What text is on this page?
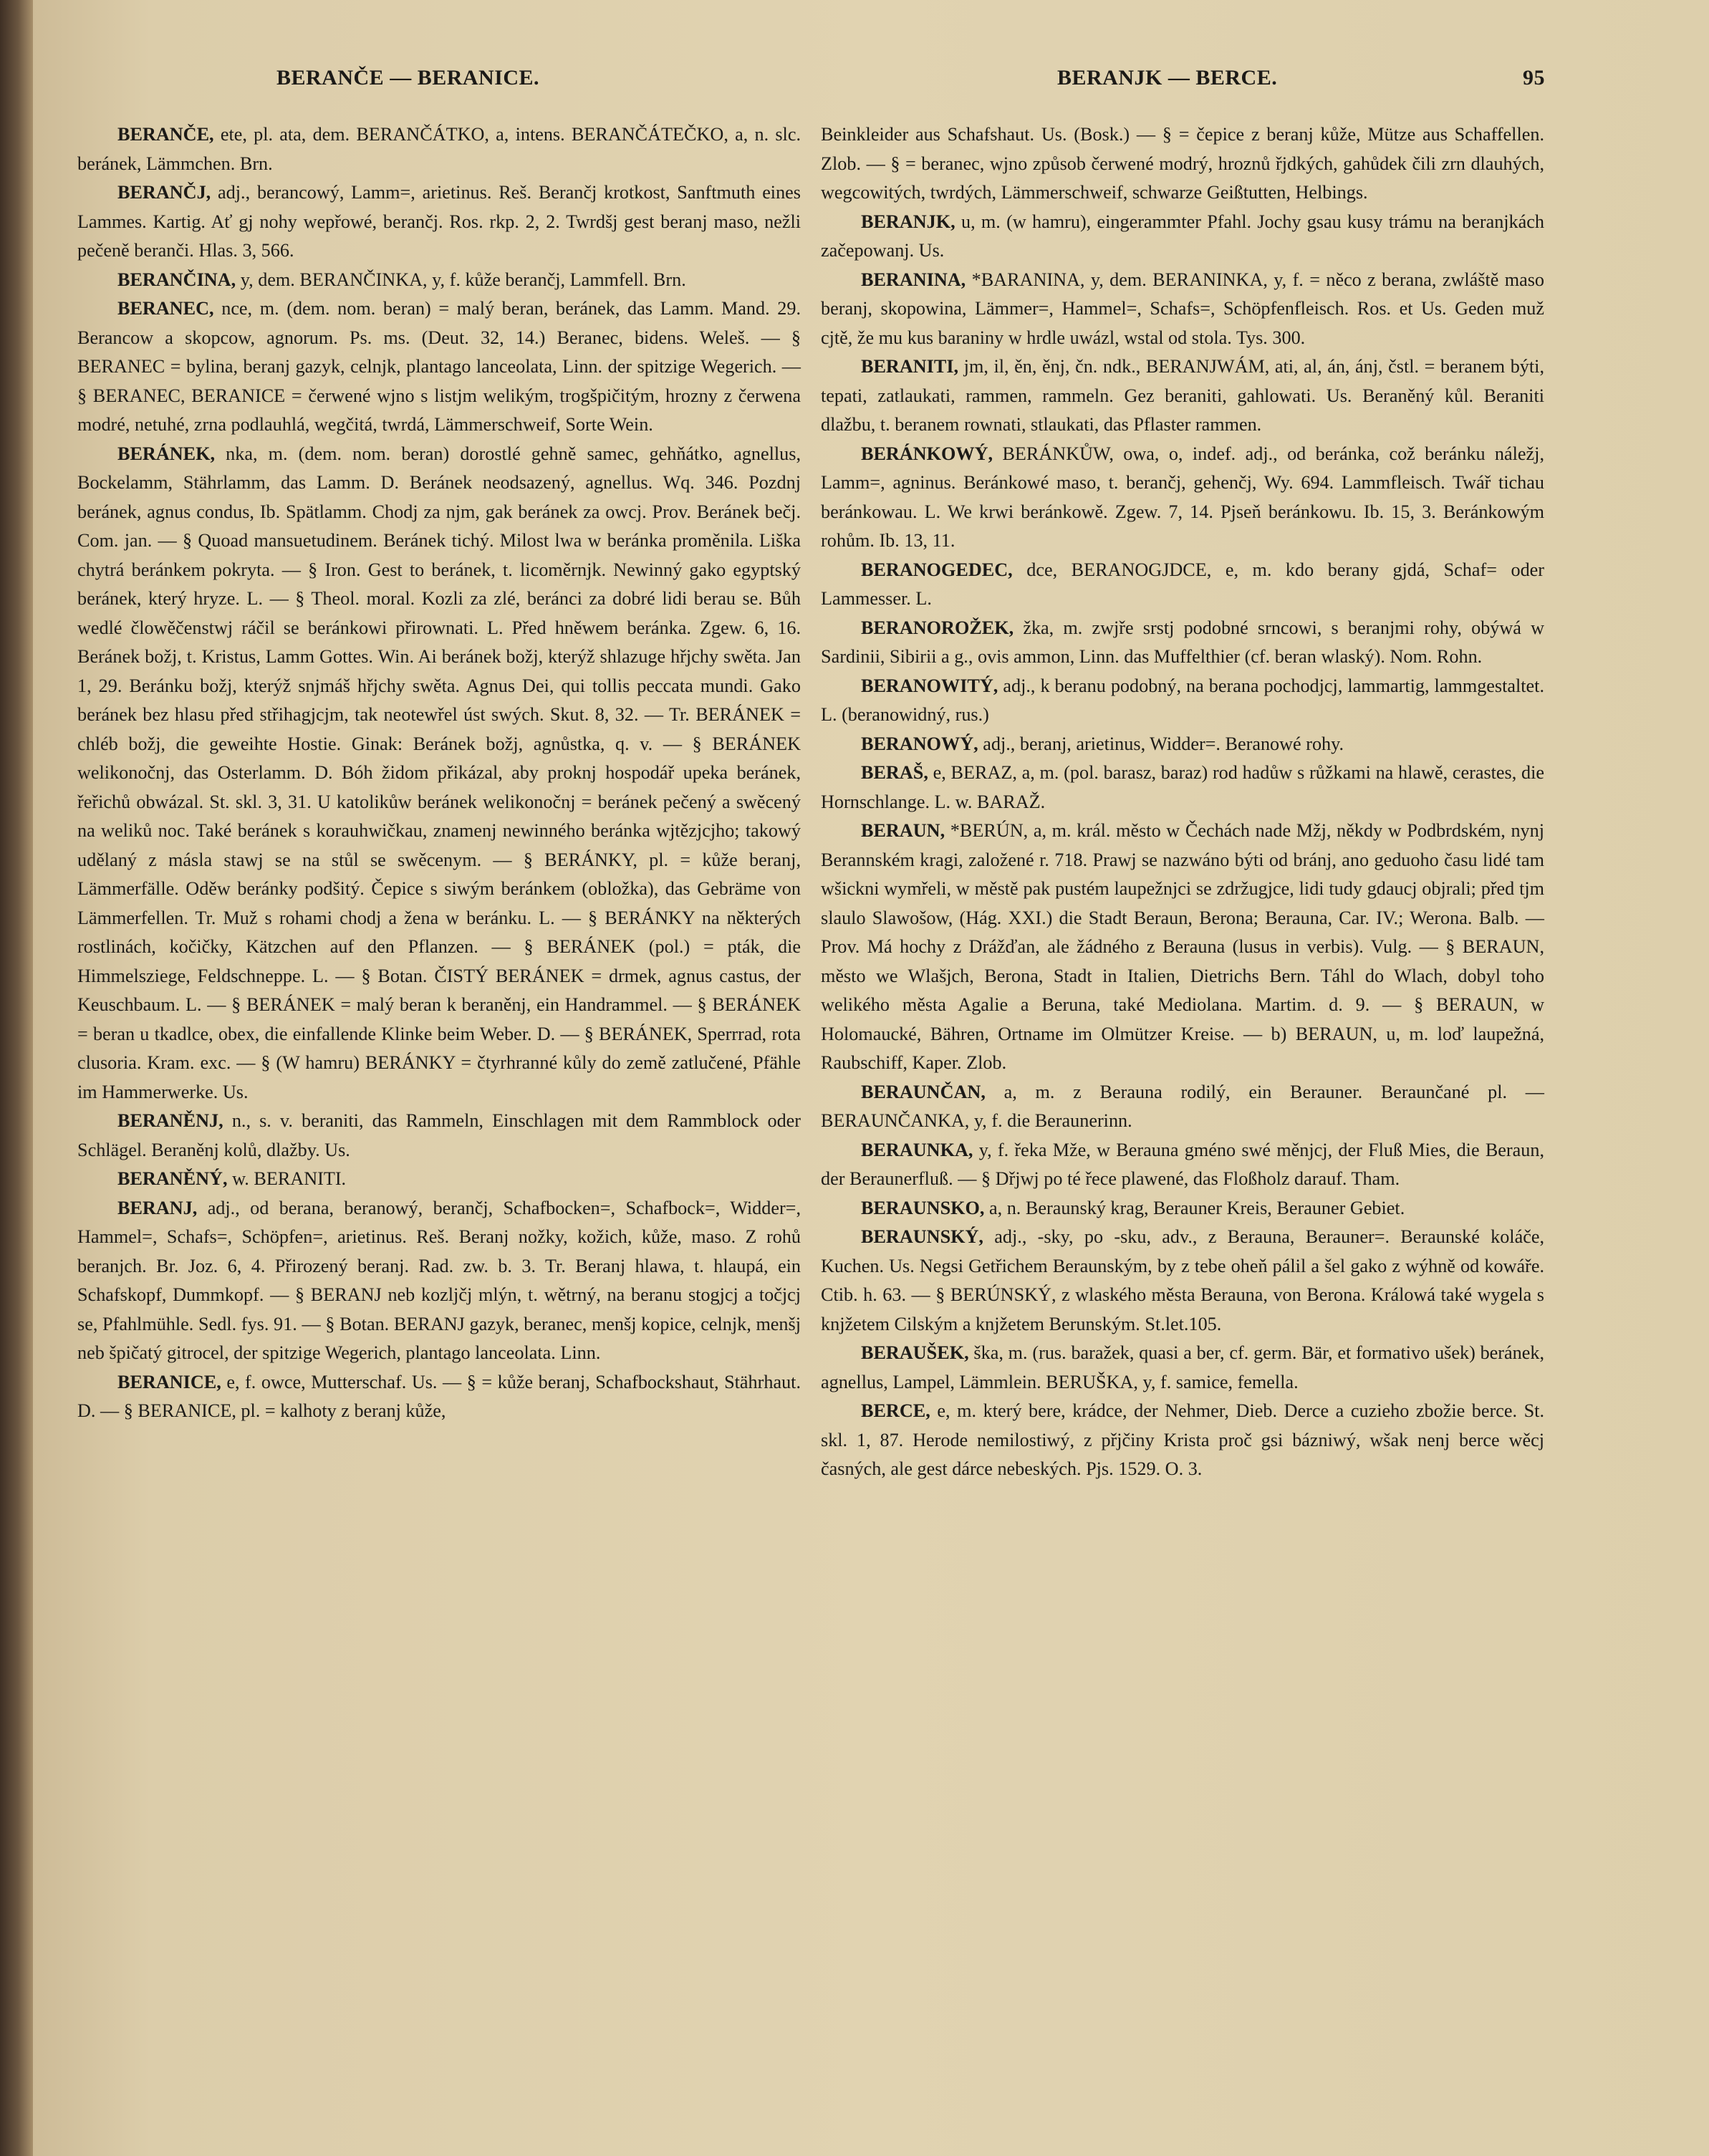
BERANČE — BERANICE.	BERANJK — BERCE.	95

BERANČE, ete, pl. ata, dem. BERANČÁTKO, a, intens. BERANČÁTEČKO, a, n. slc. beránek, Lämmchen. Brn.

BERANČJ, adj., berancowý, Lamm=, arietinus. Reš. Berančj krotkost, Sanftmuth eines Lammes. Kartig. Ať gj nohy wepřowé, berančj. Ros. rkp. 2, 2. Twrdšj gest beranj maso, nežli pečeně beranči. Hlas. 3, 566.

BERANČINA, y, dem. BERANČINKA, y, f. kůže berančj, Lammfell. Brn.

BERANEC, nce, m. (dem. nom. beran) = malý beran, beránek, das Lamm. Mand. 29. Berancow a skopcow, agnorum. Ps. ms. (Deut. 32, 14.) Beranec, bidens. Weleš. — § BERANEC = bylina, beranj gazyk, celnjk, plantago lanceolata, Linn. der spitzige Wegerich. — § BERANEC, BERANICE = čerwené wjno s listjm welikým, trogšpičitým, hrozny z čerwena modré, netuhé, zrna podlauhlá, wegčitá, twrdá, Lämmerschweif, Sorte Wein.

BERÁNEK, nka, m. (dem. nom. beran) dorostlé gehně samec, gehňátko, agnellus, Bockelamm, Stährlamm, das Lamm. D. Beránek neodsazený, agnellus. Wq. 346. Pozdnj beránek, agnus condus, Ib. Spätlamm. Chodj za njm, gak beránek za owcj. Prov. Beránek bečj. Com. jan. — § Quoad mansuetudinem. Beránek tichý. Milost lwa w beránka proměnila. Liška chytrá beránkem pokryta. — § Iron. Gest to beránek, t. licoměrnjk. Newinný gako egyptský beránek, který hryze. L. — § Theol. moral. Kozli za zlé, beránci za dobré lidi berau se. Bůh wedlé člowěčenstwj ráčil se beránkowi přirownati. L. Před hněwem beránka. Zgew. 6, 16. Beránek božj, t. Kristus, Lamm Gottes. Win. Ai beránek božj, kterýž shlazuge hřjchy swěta. Jan 1, 29. Beránku božj, kterýž snjmáš hřjchy swěta. Agnus Dei, qui tollis peccata mundi. Gako beránek bez hlasu před střihagjcjm, tak neotewřel úst swých. Skut. 8, 32. — Tr. BERÁNEK = chléb božj, die geweihte Hostie. Ginak: Beránek božj, agnůstka, q. v. — § BERÁNEK welikonočnj, das Osterlamm. D. Bóh židom přikázal, aby proknj hospodář upeka beránek, řeřichů obwázal. St. skl. 3, 31. U katolikůw beránek welikonočnj = beránek pečený a swěcený na weliků noc. Také beránek s korauhwičkau, znamenj newinného beránka wjtězjcjho; takowý udělaný z másla stawj se na stůl se swěcenym. — § BERÁNKY, pl. = kůže beranj, Lämmerfälle. Oděw beránky podšitý. Čepice s siwým beránkem (obložka), das Gebräme von Lämmerfellen. Tr. Muž s rohami chodj a žena w beránku. L. — § BERÁNKY na některých rostlinách, kočičky, Kätzchen auf den Pflanzen. — § BERÁNEK (pol.) = pták, die Himmelsziege, Feldschneppe. L. — § Botan. ČISTÝ BERÁNEK = drmek, agnus castus, der Keuschbaum. L. — § BERÁNEK = malý beran k beraněnj, ein Handrammel. — § BERÁNEK = beran u tkadlce, obex, die einfallende Klinke beim Weber. D. — § BERÁNEK, Sperrrad, rota clusoria. Kram. exc. — § (W hamru) BERÁNKY = čtyrhranné kůly do země zatlučené, Pfähle im Hammerwerke. Us.

BERANĚNJ, n., s. v. beraniti, das Rammeln, Einschlagen mit dem Rammblock oder Schlägel. Beraněnj kolů, dlažby. Us.

BERANĚNÝ, w. BERANITI.

BERANJ, adj., od berana, beranowý, berančj, Schafbocken=, Schafbock=, Widder=, Hammel=, Schafs=, Schöpfen=, arietinus. Reš. Beranj nožky, kožich, kůže, maso. Z rohů beranjch. Br. Joz. 6, 4. Přirozený beranj. Rad. zw. b. 3. Tr. Beranj hlawa, t. hlaupá, ein Schafskopf, Dummkopf. — § BERANJ neb kozljčj mlýn, t. wětrný, na beranu stogjcj a točjcj se, Pfahlmühle. Sedl. fys. 91. — § Botan. BERANJ gazyk, beranec, menšj kopice, celnjk, menšj neb špičatý gitrocel, der spitzige Wegerich, plantago lanceolata. Linn.

BERANICE, e, f. owce, Mutterschaf. Us. — § = kůže beranj, Schafbockshaut, Stährhaut. D. — § BERANICE, pl. = kalhoty z beranj kůže,

Beinkleider aus Schafshaut. Us. (Bosk.) — § = čepice z beranj kůže, Mütze aus Schaffellen. Zlob. — § = beranec, wjno způsob čerwené modrý, hroznů řjdkých, gahůdek čili zrn dlauhých, wegcowitých, twrdých, Lämmerschweif, schwarze Geißtutten, Helbings.

BERANJK, u, m. (w hamru), eingerammter Pfahl. Jochy gsau kusy trámu na beranjkách začepowanj. Us.

BERANINA, *BARANINA, y, dem. BERANINKA, y, f. = něco z berana, zwláště maso beranj, skopowina, Lämmer=, Hammel=, Schafs=, Schöpfenfleisch. Ros. et Us. Geden muž cjtě, že mu kus baraniny w hrdle uwázl, wstal od stola. Tys. 300.

BERANITI, jm, il, ěn, ěnj, čn. ndk., BERANJWÁM, ati, al, án, ánj, čstl. = beranem býti, tepati, zatlaukati, rammen, rammeln. Gez beraniti, gahlowati. Us. Beraněný kůl. Beraniti dlažbu, t. beranem rownati, stlaukati, das Pflaster rammen.

BERÁNKOWÝ, BERÁNKŮW, owa, o, indef. adj., od beránka, což beránku náležj, Lamm=, agninus. Beránkowé maso, t. berančj, gehenčj, Wy. 694. Lammfleisch. Twář tichau beránkowau. L. We krwi beránkowě. Zgew. 7, 14. Pjseň beránkowu. Ib. 15, 3. Beránkowým rohům. Ib. 13, 11.

BERANOGEDEC, dce, BERANOGJDCE, e, m. kdo berany gjdá, Schaf= oder Lammesser. L.

BERANOROŽEK, žka, m. zwjře srstj podobné srncowi, s beranjmi rohy, obýwá w Sardinii, Sibirii a g., ovis ammon, Linn. das Muffelthier (cf. beran wlaský). Nom. Rohn.

BERANOWITÝ, adj., k beranu podobný, na berana pochodjcj, lammartig, lammgestaltet. L. (beranowidný, rus.)

BERANOWÝ, adj., beranj, arietinus, Widder=. Beranowé rohy.

BERAŠ, e, BERAZ, a, m. (pol. barasz, baraz) rod hadůw s růžkami na hlawě, cerastes, die Hornschlange. L. w. BARAŽ.

BERAUN, *BERÚN, a, m. král. město w Čechách nade Mžj, někdy w Podbrdském, nynj Berannském kragi, založené r. 718. Prawj se nazwáno býti od bránj, ano geduoho času lidé tam wšickni wymřeli, w městě pak pustém laupežnjci se zdržugjce, lidi tudy gdaucj objrali; před tjm slaulo Slawošow, (Hág. XXI.) die Stadt Beraun, Berona; Berauna, Car. IV.; Werona. Balb. — Prov. Má hochy z Drážďan, ale žádného z Berauna (lusus in verbis). Vulg. — § BERAUN, město we Wlašjch, Berona, Stadt in Italien, Dietrichs Bern. Táhl do Wlach, dobyl toho welikého města Agalie a Beruna, také Mediolana. Martim. d. 9. — § BERAUN, w Holomaucké, Bähren, Ortname im Olmützer Kreise. — b) BERAUN, u, m. loď laupežná, Raubschiff, Kaper. Zlob.

BERAUNČAN, a, m. z Berauna rodilý, ein Berauner. Beraunčané pl. — BERAUNČANKA, y, f. die Beraunerinn.

BERAUNKA, y, f. řeka Mže, w Berauna gméno swé měnjcj, der Fluß Mies, die Beraun, der Beraunerfluß. — § Dřjwj po té řece plawené, das Floßholz darauf. Tham.

BERAUNSKO, a, n. Beraunský krag, Berauner Kreis, Berauner Gebiet.

BERAUNSKÝ, adj., -sky, po -sku, adv., z Berauna, Berauner=. Beraunské koláče, Kuchen. Us. Negsi Getřichem Beraunským, by z tebe oheň pálil a šel gako z wýhně od kowáře. Ctib. h. 63. — § BERÚNSKÝ, z wlaského města Berauna, von Berona. Králowá také wygela s knjžetem Cilským a knjžetem Berunským. St.let.105.

BERAUŠEK, ška, m. (rus. baražek, quasi a ber, cf. germ. Bär, et formativo ušek) beránek, agnellus, Lampel, Lämmlein. BERUŠKA, y, f. samice, femella.

BERCE, e, m. který bere, krádce, der Nehmer, Dieb. Derce a cuzieho zbožie berce. St. skl. 1, 87. Herode nemilostiwý, z přjčiny Krista proč gsi bázniwý, wšak nenj berce wěcj časných, ale gest dárce nebeských. Pjs. 1529. O. 3.
